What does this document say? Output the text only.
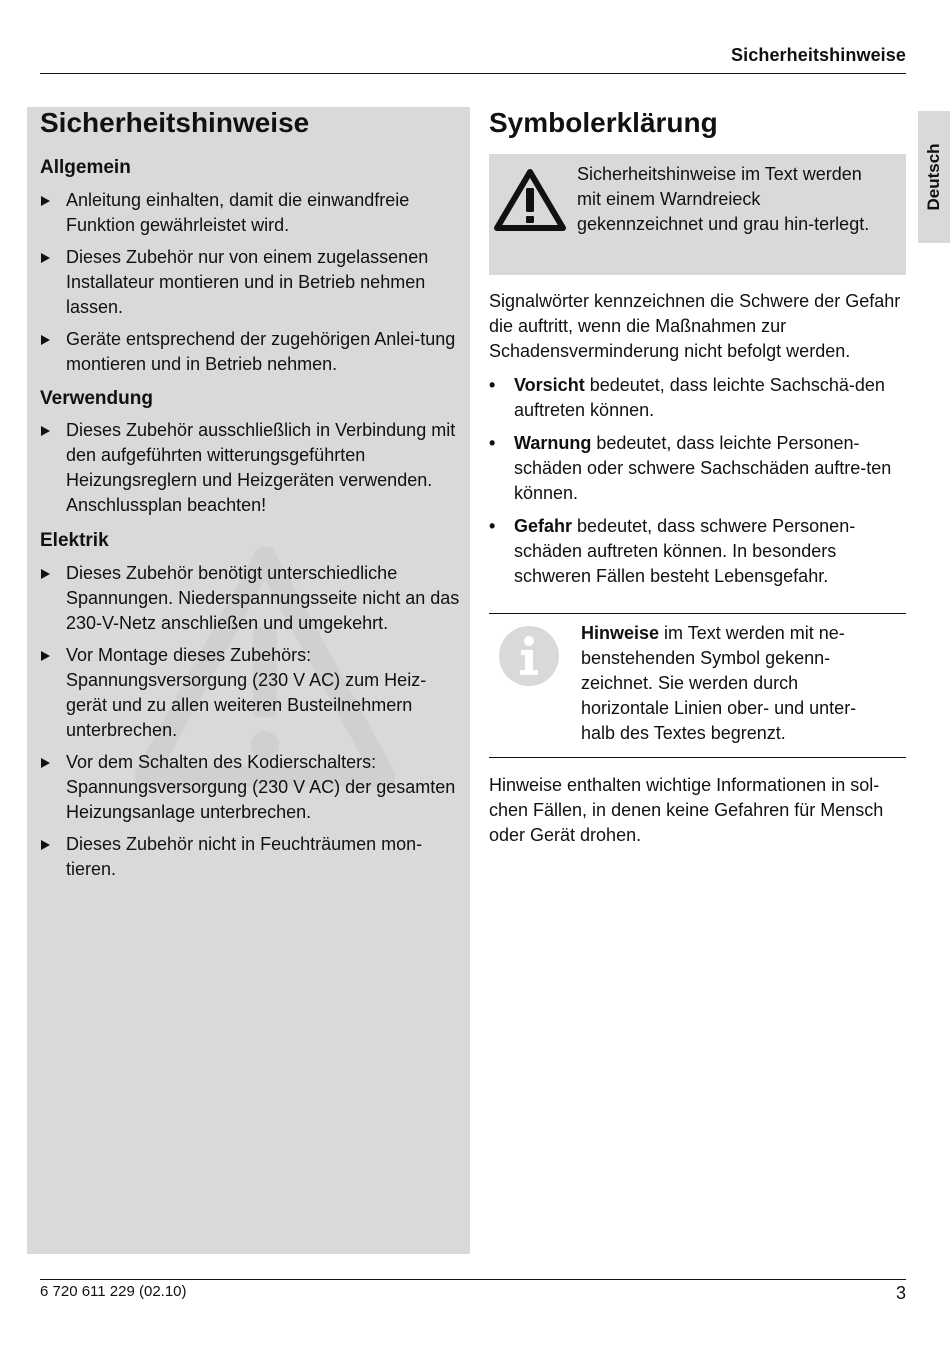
Sicherheitshinweise
Sicherheitshinweise
Allgemein
Anleitung einhalten, damit die einwandfreie Funktion gewährleistet wird.
Dieses Zubehör nur von einem zugelassenen Installateur montieren und in Betrieb nehmen lassen.
Geräte entsprechend der zugehörigen Anlei-tung montieren und in Betrieb nehmen.
Verwendung
Dieses Zubehör ausschließlich in Verbindung mit den aufgeführten witterungsgeführten Heizungsreglern und Heizgeräten verwenden. Anschlussplan beachten!
Elektrik
Dieses Zubehör benötigt unterschiedliche Spannungen. Niederspannungsseite nicht an das 230-V-Netz anschließen und umgekehrt.
Vor Montage dieses Zubehörs: Spannungsversorgung (230 V AC) zum Heiz-gerät und zu allen weiteren Busteilnehmern unterbrechen.
Vor dem Schalten des Kodierschalters: Spannungsversorgung (230 V AC) der gesamten Heizungsanlage unterbrechen.
Dieses Zubehör nicht in Feuchträumen mon-tieren.
Symbolerklärung

Sicherheitshinweise im Text werden mit einem Warndreieck gekennzeichnet und grau hin-terlegt.

Signalwörter kennzeichnen die Schwere der Gefahr die auftritt, wenn die Maßnahmen zur Schadensverminderung nicht befolgt werden.

• Vorsicht bedeutet, dass leichte Sachschä-den auftreten können.
• Warnung bedeutet, dass leichte Personen-schäden oder schwere Sachschäden auftre-ten können.
• Gefahr bedeutet, dass schwere Personen-schäden auftreten können. In besonders schweren Fällen besteht Lebensgefahr.

Hinweise im Text werden mit ne-benstehenden Symbol gekenn-zeichnet. Sie werden durch horizontale Linien ober- und unter-halb des Textes begrenzt.

Hinweise enthalten wichtige Informationen in sol-chen Fällen, in denen keine Gefahren für Mensch oder Gerät drohen.

Deutsch
6 720 611 229 (02.10)	3
